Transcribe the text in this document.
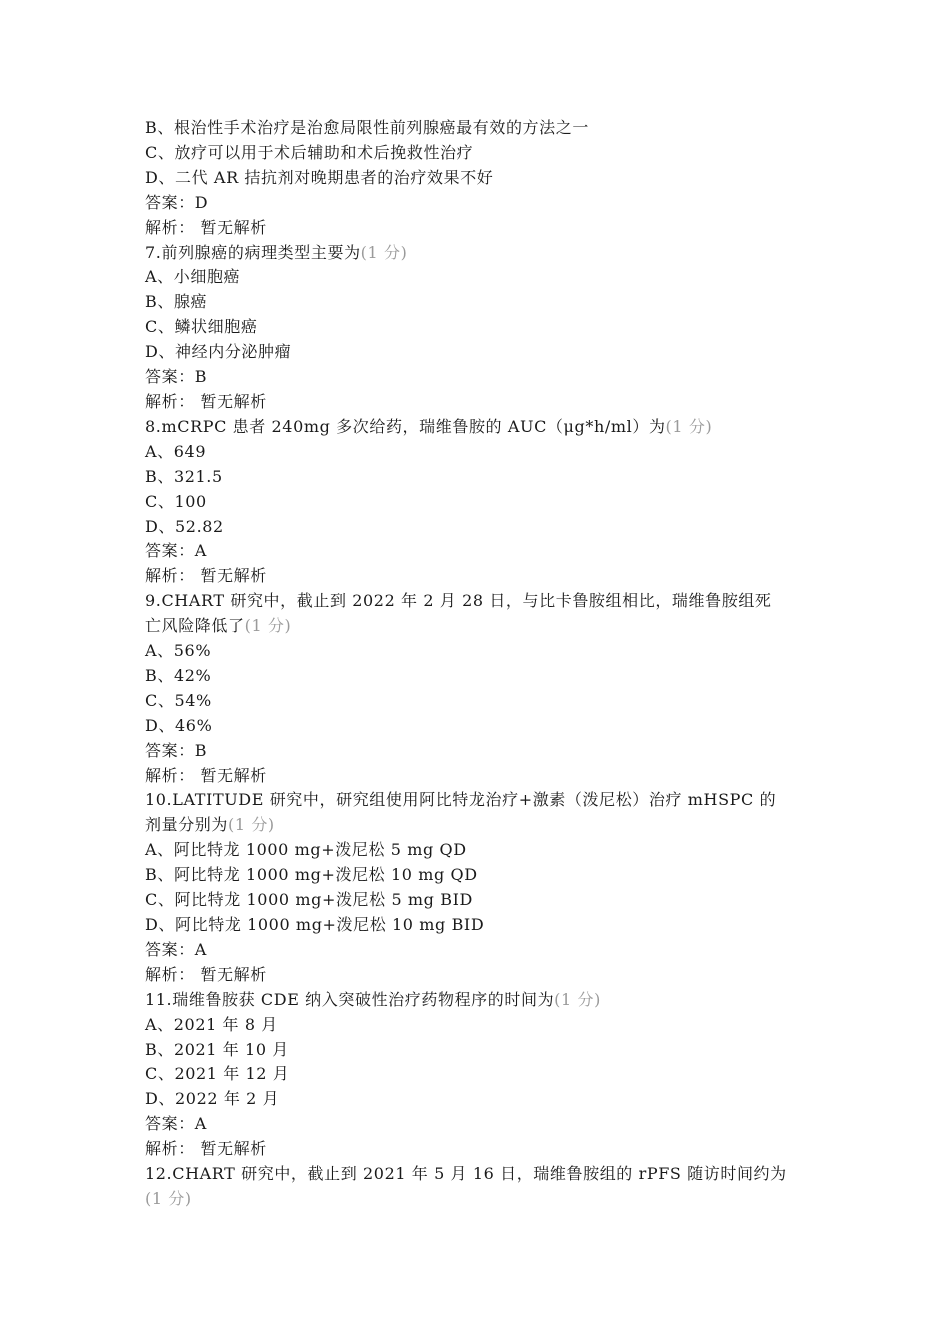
B、根治性手术治疗是治愈局限性前列腺癌最有效的方法之一
C、放疗可以用于术后辅助和术后挽救性治疗
D、二代 AR 拮抗剂对晚期患者的治疗效果不好
答案：D
解析： 暂无解析
7.前列腺癌的病理类型主要为(1 分)
A、小细胞癌
B、腺癌
C、鳞状细胞癌
D、神经内分泌肿瘤
答案：B
解析： 暂无解析
8.mCRPC 患者 240mg 多次给药，瑞维鲁胺的 AUC（μg*h/ml）为(1 分)
A、649
B、321.5
C、100
D、52.82
答案：A
解析： 暂无解析
9.CHART 研究中，截止到 2022 年 2 月 28 日，与比卡鲁胺组相比，瑞维鲁胺组死
亡风险降低了(1 分)
A、56%
B、42%
C、54%
D、46%
答案：B
解析： 暂无解析
10.LATITUDE 研究中，研究组使用阿比特龙治疗+激素（泼尼松）治疗 mHSPC 的
剂量分别为(1 分)
A、阿比特龙 1000 mg+泼尼松 5 mg QD
B、阿比特龙 1000 mg+泼尼松 10 mg QD
C、阿比特龙 1000 mg+泼尼松 5 mg BID
D、阿比特龙 1000 mg+泼尼松 10 mg BID
答案：A
解析： 暂无解析
11.瑞维鲁胺获 CDE 纳入突破性治疗药物程序的时间为(1 分)
A、2021 年 8 月
B、2021 年 10 月
C、2021 年 12 月
D、2022 年 2 月
答案：A
解析： 暂无解析
12.CHART 研究中，截止到 2021 年 5 月 16 日，瑞维鲁胺组的 rPFS 随访时间约为
(1 分)
